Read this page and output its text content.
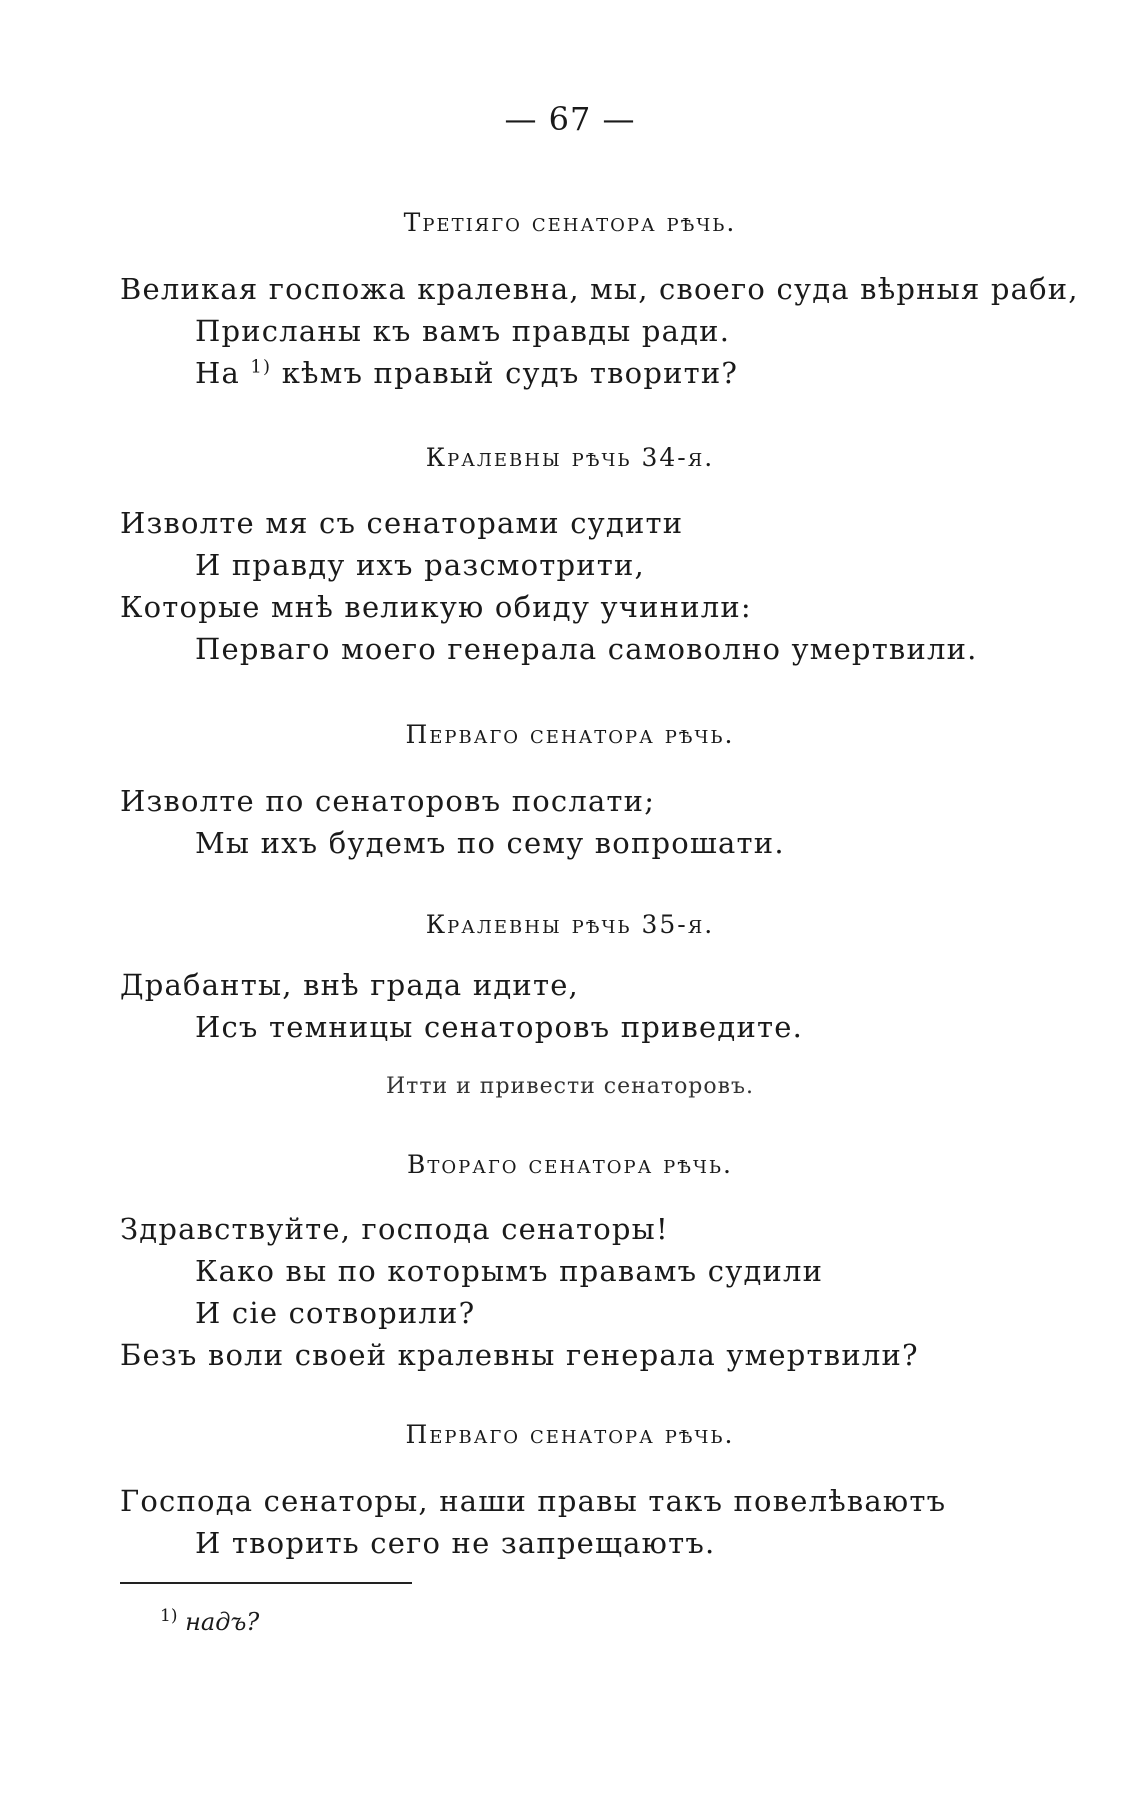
— 67 —
Третіяго сенатора рѣчь.
Великая госпожа кралевна, мы, своего суда вѣрныя раби,
Присланы къ вамъ правды ради.
На $^{1)}$ кѣмъ правый судъ творити?
Кралевны рѣчь 34-я.
Изволте мя съ сенаторами судити
И правду ихъ разсмотрити,
Которые мнѣ великую обиду учинили:
Перваго моего генерала самоволно умертвили.
Перваго сенатора рѣчь.
Изволте по сенаторовъ послати;
Мы ихъ будемъ по сему вопрошати.
Кралевны рѣчь 35-я.
Драбанты, внѣ града идите,
Исъ темницы сенаторовъ приведите.
Итти и привести сенаторовъ.
Втораго сенатора рѣчь.
Здравствуйте, господа сенаторы!
Како вы по которымъ правамъ судили
И сіе сотворили?
Безъ воли своей кралевны генерала умертвили?
Перваго сенатора рѣчь.
Господа сенаторы, наши правы такъ повелѣваютъ
И творить сего не запрещаютъ.
$^{1)}$ надъ?
